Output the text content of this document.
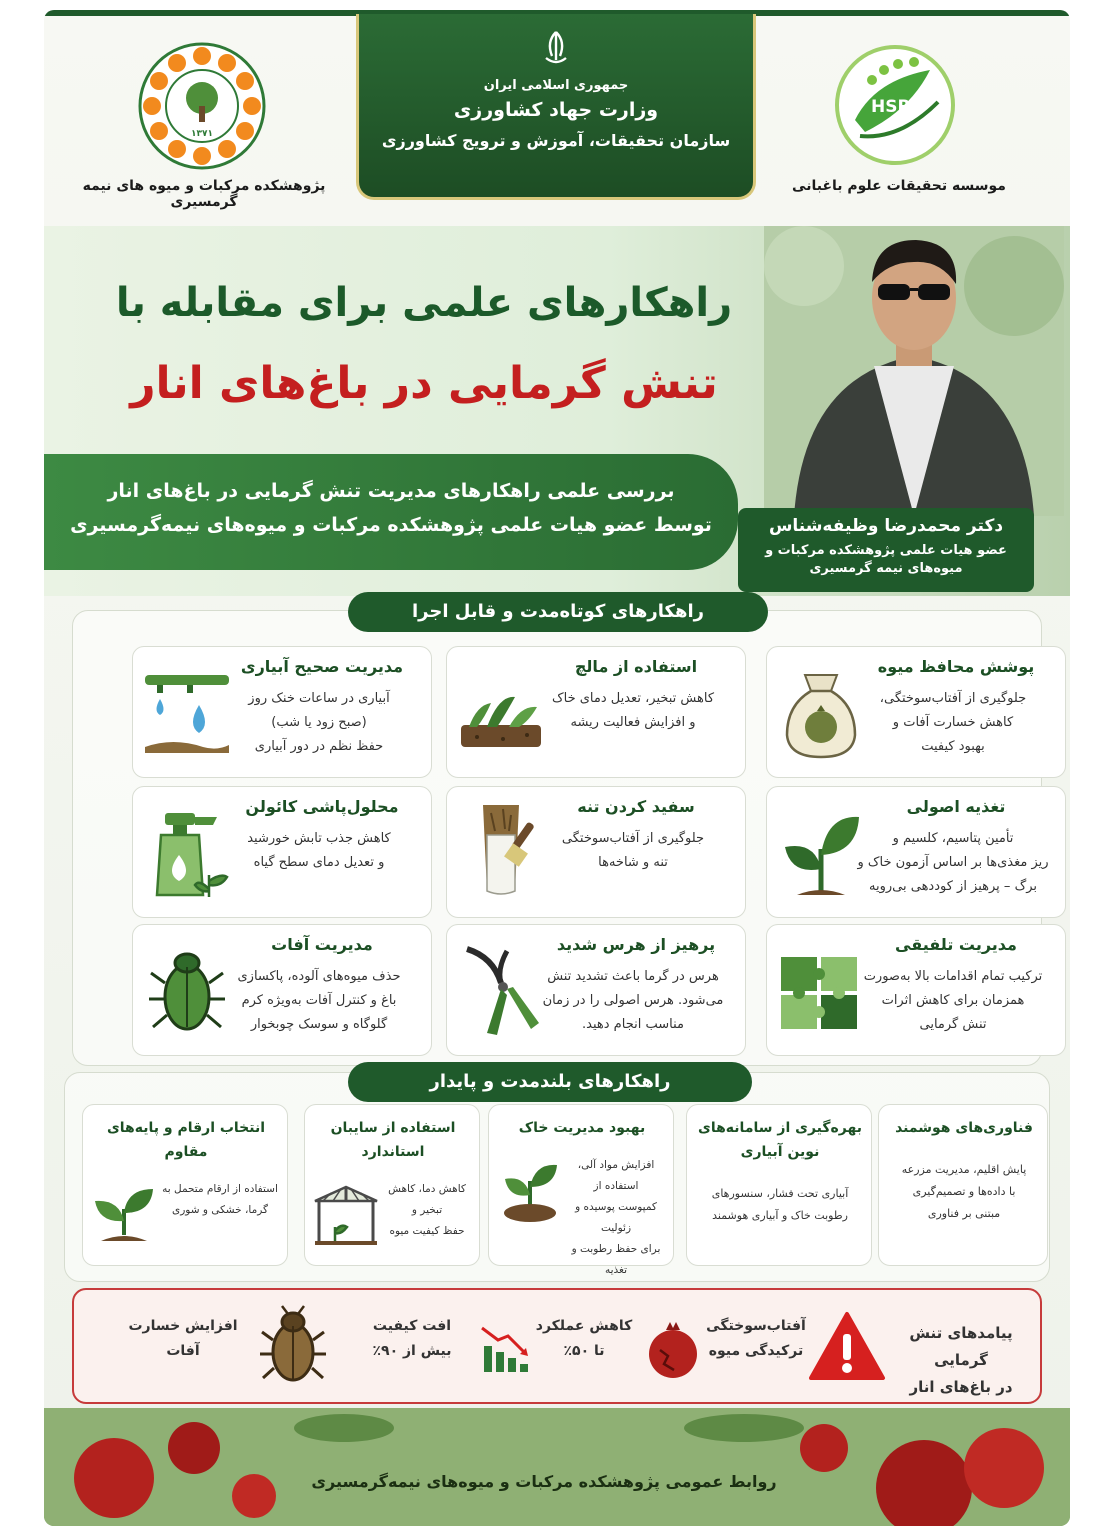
جمهوری اسلامی ایران
وزارت جهاد کشاورزی
سازمان تحقیقات، آموزش و ترویج کشاورزی
HSRI
موسسه تحقیقات علوم باغبانی
۱۳۷۱
پژوهشکده مرکبات و میوه های نیمه گرمسیری
راهکارهای علمی برای مقابله با
تنش گرمایی در باغ‌های انار
بررسی علمی راهکارهای مدیریت تنش گرمایی در باغ‌های انار
توسط عضو هیات علمی پژوهشکده مرکبات و میوه‌های نیمه‌گرمسیری	دکتر محمدرضا وظیفه‌شناس
عضو هیات علمی پژوهشکده مرکبات و
میوه‌های نیمه گرمسیری
راهکارهای کوتاه‌مدت و قابل اجرا
پوشش محافظ میوه
جلوگیری از آفتاب‌سوختگی،
کاهش خسارت آفات و
بهبود کیفیت
استفاده از مالچ
کاهش تبخیر، تعدیل دمای خاک
و افزایش فعالیت ریشه
مدیریت صحیح آبیاری
آبیاری در ساعات خنک روز
(صبح زود یا شب)
حفظ نظم در دور آبیاری
تغذیه اصولی
تأمین پتاسیم، کلسیم و
ریز مغذی‌ها بر اساس آزمون خاک و
برگ – پرهیز از کوددهی بی‌رویه
سفید کردن تنه
جلوگیری از آفتاب‌سوختگی
تنه و شاخه‌ها
محلول‌پاشی کائولن
کاهش جذب تابش خورشید
و تعدیل دمای سطح گیاه
مدیریت تلفیقی
ترکیب تمام اقدامات بالا به‌صورت
همزمان برای کاهش اثرات
تنش گرمایی
پرهیز از هرس شدید
هرس در گرما باعث تشدید تنش
می‌شود. هرس اصولی را در زمان
مناسب انجام دهید.
مدیریت آفات
حذف میوه‌های آلوده، پاکسازی
باغ و کنترل آفات به‌ویژه کرم
گلوگاه و سوسک چوبخوار
راهکارهای بلندمدت و پایدار
فناوری‌های هوشمند
پایش اقلیم، مدیریت مزرعه
با داده‌ها و تصمیم‌گیری
مبتنی بر فناوری
بهره‌گیری از سامانه‌های
نوین آبیاری
آبیاری تحت فشار، سنسورهای
رطوبت خاک و آبیاری هوشمند
بهبود مدیریت خاک
افزایش مواد آلی، استفاده از
کمپوست پوسیده و زئولیت
برای حفظ رطوبت و تغذیه
استفاده از سایبان
استاندارد
کاهش دما، کاهش تبخیر و
حفظ کیفیت میوه
انتخاب ارقام و پایه‌های
مقاوم
استفاده از ارقام متحمل به
گرما، خشکی و شوری
پیامدهای تنش گرمایی
در باغ‌های انار
آفتاب‌سوختگی
ترکیدگی میوه
کاهش عملکرد
تا ۵۰٪
افت کیفیت
بیش از ۹۰٪
افزایش خسارت
آفات
روابط عمومی پژوهشکده مرکبات و میوه‌های نیمه‌گرمسیری
